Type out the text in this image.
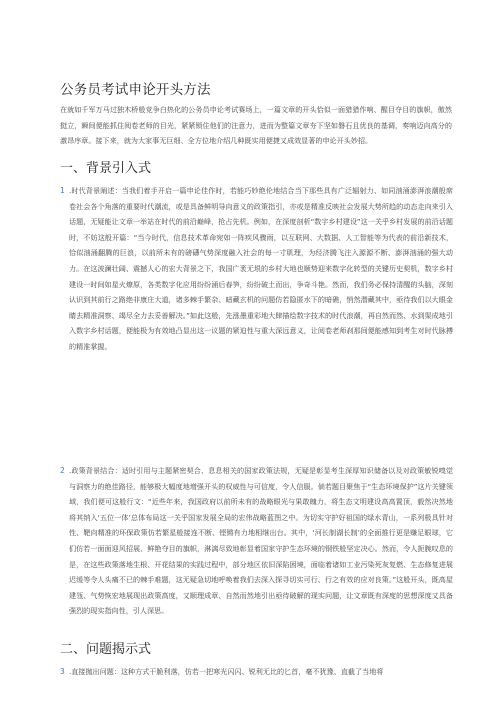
公务员考试申论开头方法
在就如千军万马过独木桥般竞争白热化的公务员申论考试赛场上，一篇文章的开头恰似一面猎猎作响、醒目夺目的旗帜，傲然挺立，瞬间便能抓住阅卷老师的目光，紧紧锁住他们的注意力，进而为整篇文章夯下坚如磐石且优良的基调，奏响迈向高分的激昂序章。接下来，就为大家事无巨细、全方位地介绍几种既实用便捷又成效显著的申论开头妙招。
一、背景引入式
1 .时代背景阐述：当我们着手开启一篇申论佳作时，若能巧妙绝伦地结合当下那些具有广泛辐射力、如同汹涌澎湃浪潮般席卷社会各个角落的重要时代潮流，或是具备鲜明导向意义的政策指引，亦或是精准反映社会发展大势所趋的动态走向来引入话题，无疑能让文章一举站在时代的前沿巅峰，抢占先机。例如，在深度剖析“数字乡村建设”这一关乎乡村发展的前沿话题时，不妨这般开篇：“当今时代，信息技术革命宛如一阵疾风骤雨，以互联网、大数据、人工智能等为代表的前沿新技术，恰似汹涌翻腾的巨浪，以前所未有的磅礴气势深度融入社会的每一寸肌理，为经济腾飞注入源源不断、澎湃汹涌的强大动力。在这波澜壮阔、震撼人心的宏大背景之下，我国广袤无垠的乡村大地也顺势迎来数字化转型的关键历史契机，数字乡村建设一时间如星火燎原，各类数字化应用纷纷涌后春笋，纷纷破土而出，争奇斗艳。然而，我们务必保持清醒的头脑，深刻认识到其前行之路绝非康庄大道，诸多棘手繁杂、暗藏玄机的问题仿若隐匿水下的暗礁，悄然潜藏其中，亟待我们以大眼金睛去精准洞察、竭尽全力去妥善解决。”如此这般，先涨墨重彩地大肆描绘数字技术的时代浪潮，再自然而然、水到渠成地引入数字乡村话题，便能极为有效地凸显出这一议题的紧迫性与重大深远意义，让阅卷老师刹那间便能感知到考生对时代脉搏的精准掌握。
2 .政策背景结合：适时引用与主题紧密契合、息息相关的国家政策法规，无疑是彰显考生深厚知识储备以及对政策敏锐嗅觉与洞察力的绝佳路径，能够极大幅度地增强开头的权威性与可信度，令人信服。倘若题目聚焦于“生态环境保护”这片关键领域，我们便可这般行文：“近些年来，我国政府以前所未有的战略眼光与果敢魄力，将生态文明建设高高置顶，毅然决然地将其纳入‘五位一体’总体布局这一关乎国家发展全局的宏伟战略蓝图之中。为切实守护好祖国的绿水青山，一系列极具针对性、靶向精准的环保政策仿若繁星般接连不断、铿锵有力地相继出台。其中，‘河长制湖长制’的全面推行更是赚足眼球，它们仿若一面面迎风招展、鲜艳夺目的旗帜，淋漓尽致地彰显着国家守护生态环境的钢铁般坚定决心。然而，令人扼腕叹息的是，在这些政策落地生根、开花结果的实践过程中，部分地区依旧深陷困境，面临着诸如工业污染死灰复燃、生态修复进展迟缓等令人头痛不已的棘手难题，这无疑急切地呼唤着我们去深入探寻切实可行、行之有效的应对良策。”这般开头，既高屋建瓴、气势恢宏地展现出政策高度，又顺理成章、自然而然地引出亟待破解的现实问题，让文章既有深度的思想深度又具备强烈的现实指向性，引人深思。
二、问题揭示式
3 .直接抛出问题：这种方式干脆利落，仿若一把寒光闪闪、锐利无比的匕首，毫不犹豫、直截了当地将
